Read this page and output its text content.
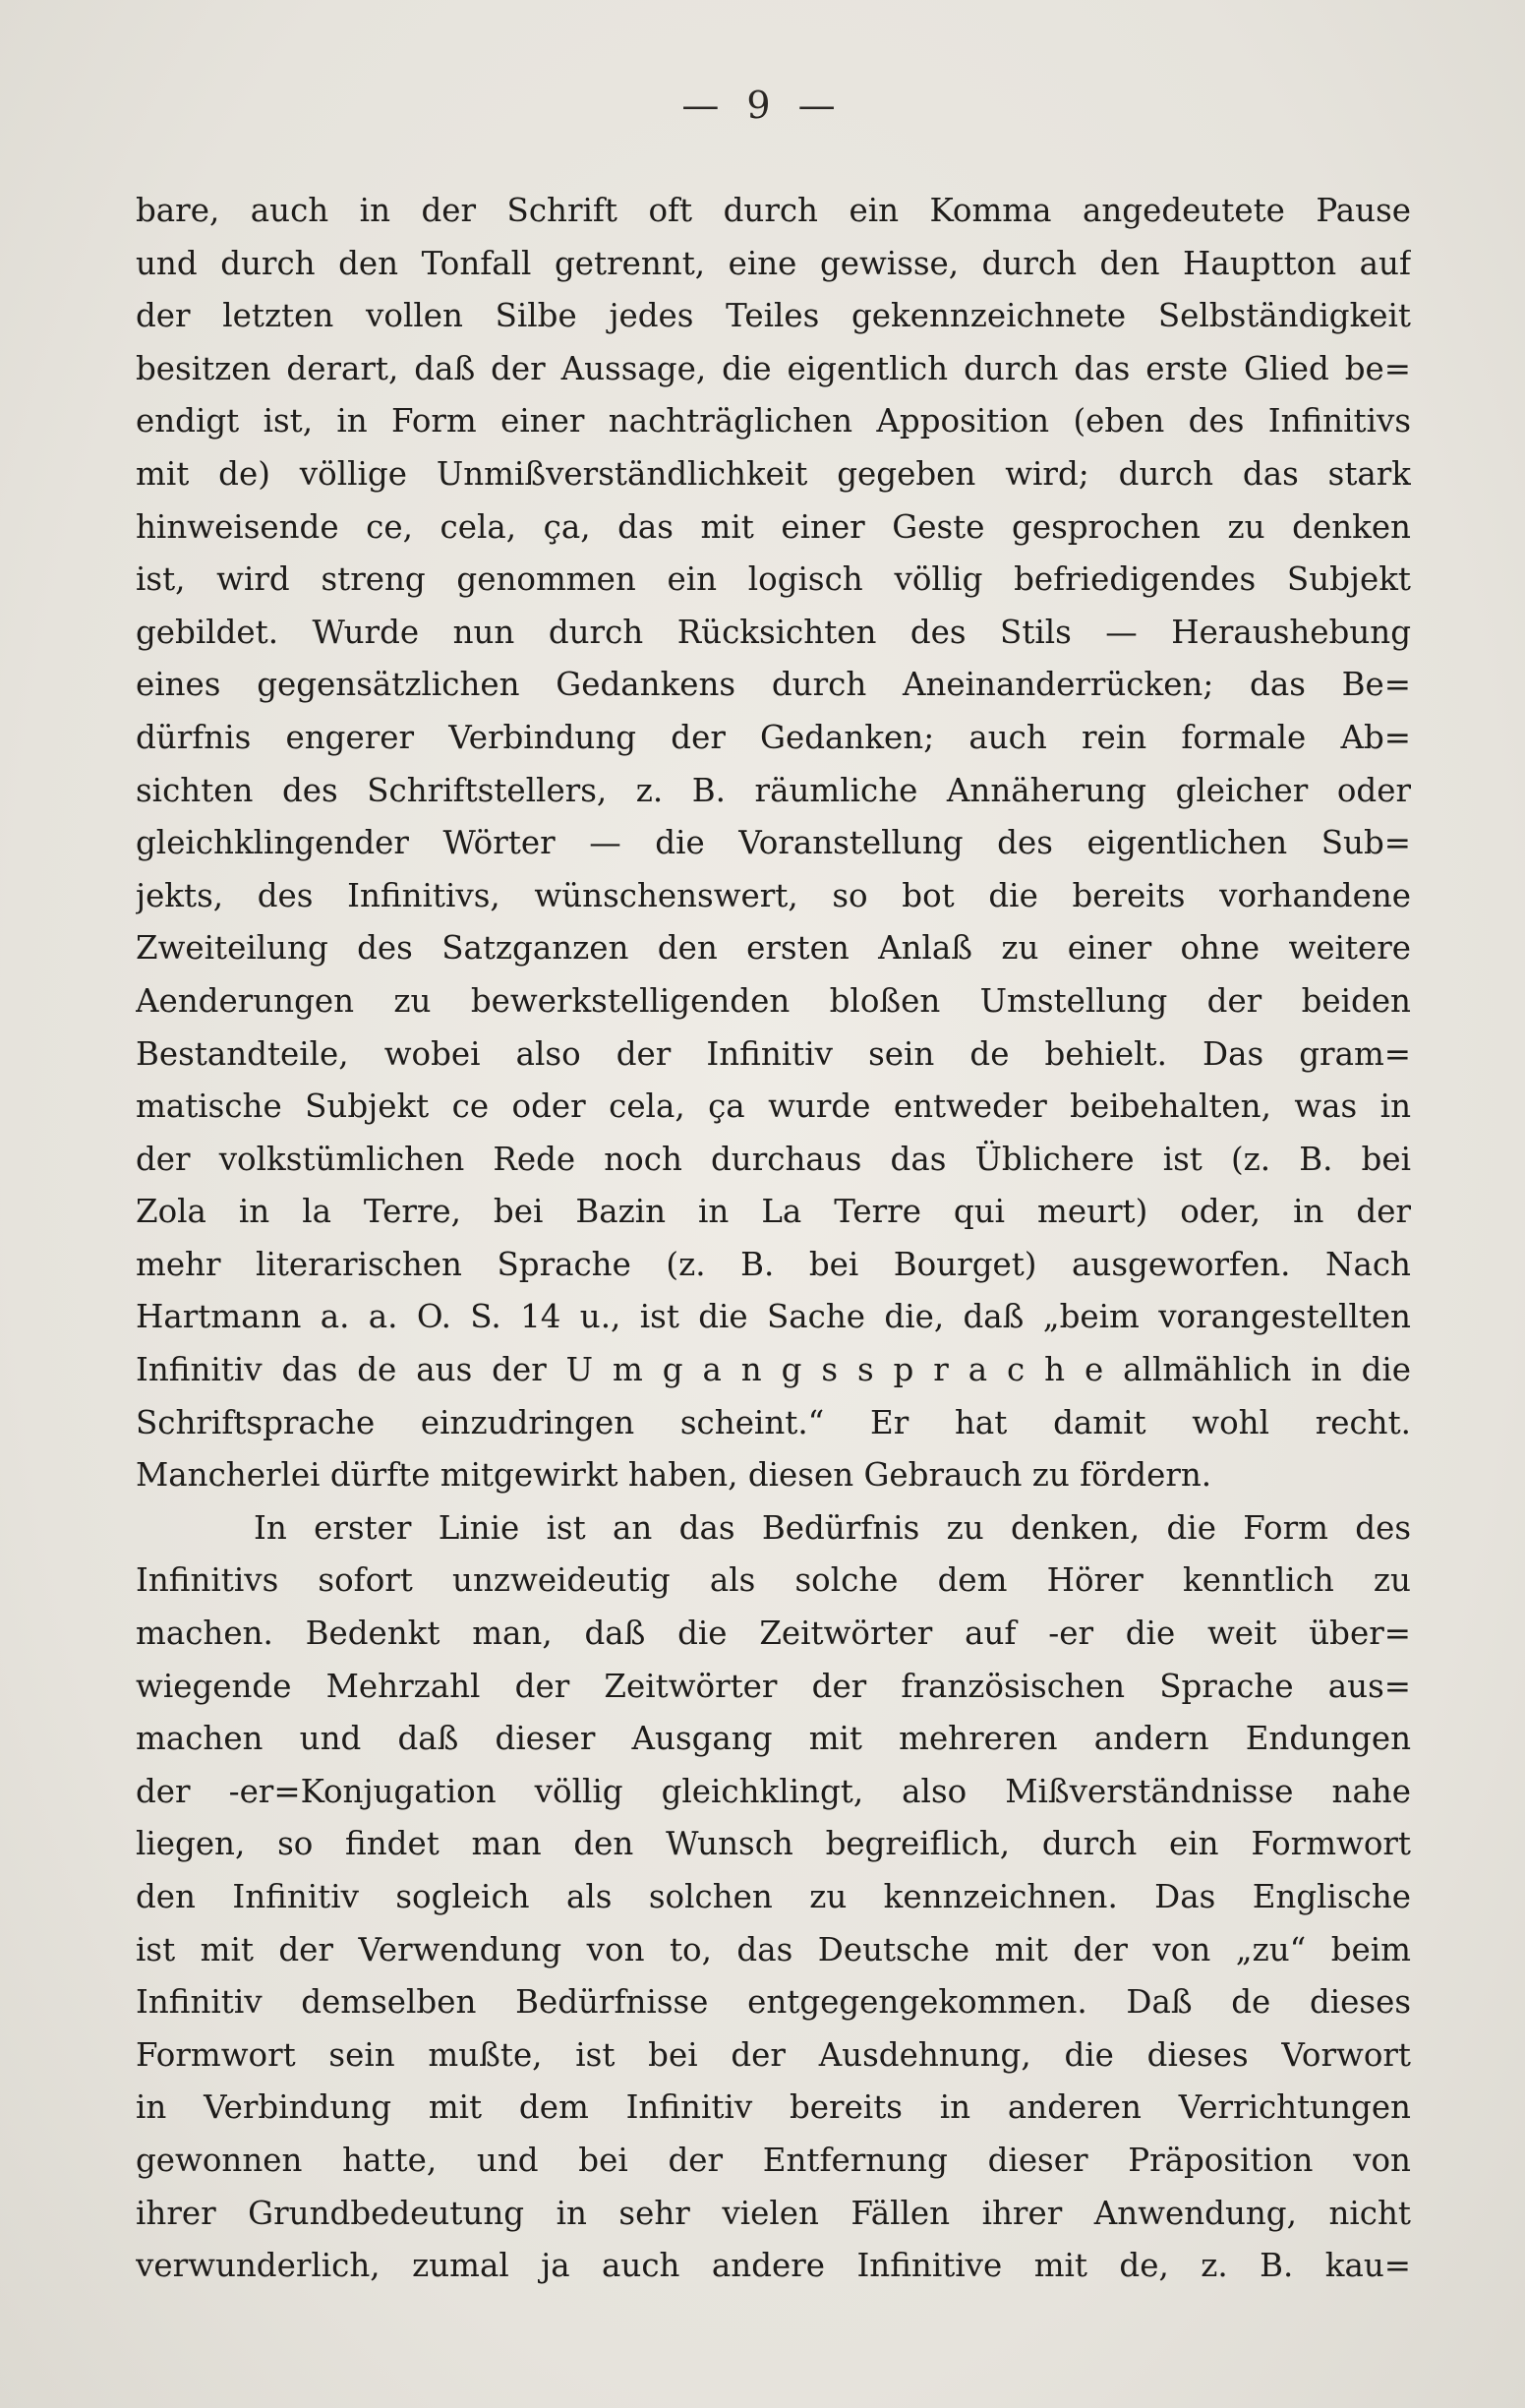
— 9 —
bare, auch in der Schrift oft durch ein Komma angedeutete Pause
und durch den Tonfall getrennt, eine gewisse, durch den Hauptton auf
der letzten vollen Silbe jedes Teiles gekennzeichnete Selbständigkeit
besitzen derart, daß der Aussage, die eigentlich durch das erste Glied be=
endigt ist, in Form einer nachträglichen Apposition (eben des Infinitivs
mit de) völlige Unmißverständlichkeit gegeben wird; durch das stark
hinweisende ce, cela, ça, das mit einer Geste gesprochen zu denken
ist, wird streng genommen ein logisch völlig befriedigendes Subjekt
gebildet. Wurde nun durch Rücksichten des Stils — Heraushebung
eines gegensätzlichen Gedankens durch Aneinanderrücken; das Be=
dürfnis engerer Verbindung der Gedanken; auch rein formale Ab=
sichten des Schriftstellers, z. B. räumliche Annäherung gleicher oder
gleichklingender Wörter — die Voranstellung des eigentlichen Sub=
jekts, des Infinitivs, wünschenswert, so bot die bereits vorhandene
Zweiteilung des Satzganzen den ersten Anlaß zu einer ohne weitere
Aenderungen zu bewerkstelligenden bloßen Umstellung der beiden
Bestandteile, wobei also der Infinitiv sein de behielt. Das gram=
matische Subjekt ce oder cela, ça wurde entweder beibehalten, was in
der volkstümlichen Rede noch durchaus das Üblichere ist (z. B. bei
Zola in la Terre, bei Bazin in La Terre qui meurt) oder, in der
mehr literarischen Sprache (z. B. bei Bourget) ausgeworfen. Nach
Hartmann a. a. O. S. 14 u., ist die Sache die, daß „beim vorangestellten
Infinitiv das de aus der U m g a n g s s p r a c h e allmählich in die
Schriftsprache einzudringen scheint.“ Er hat damit wohl recht.
Mancherlei dürfte mitgewirkt haben, diesen Gebrauch zu fördern.
In erster Linie ist an das Bedürfnis zu denken, die Form des
Infinitivs sofort unzweideutig als solche dem Hörer kenntlich zu
machen. Bedenkt man, daß die Zeitwörter auf -er die weit über=
wiegende Mehrzahl der Zeitwörter der französischen Sprache aus=
machen und daß dieser Ausgang mit mehreren andern Endungen
der -er=Konjugation völlig gleichklingt, also Mißverständnisse nahe
liegen, so findet man den Wunsch begreiflich, durch ein Formwort
den Infinitiv sogleich als solchen zu kennzeichnen. Das Englische
ist mit der Verwendung von to, das Deutsche mit der von „zu“ beim
Infinitiv demselben Bedürfnisse entgegengekommen. Daß de dieses
Formwort sein mußte, ist bei der Ausdehnung, die dieses Vorwort
in Verbindung mit dem Infinitiv bereits in anderen Verrichtungen
gewonnen hatte, und bei der Entfernung dieser Präposition von
ihrer Grundbedeutung in sehr vielen Fällen ihrer Anwendung, nicht
verwunderlich, zumal ja auch andere Infinitive mit de, z. B. kau=
